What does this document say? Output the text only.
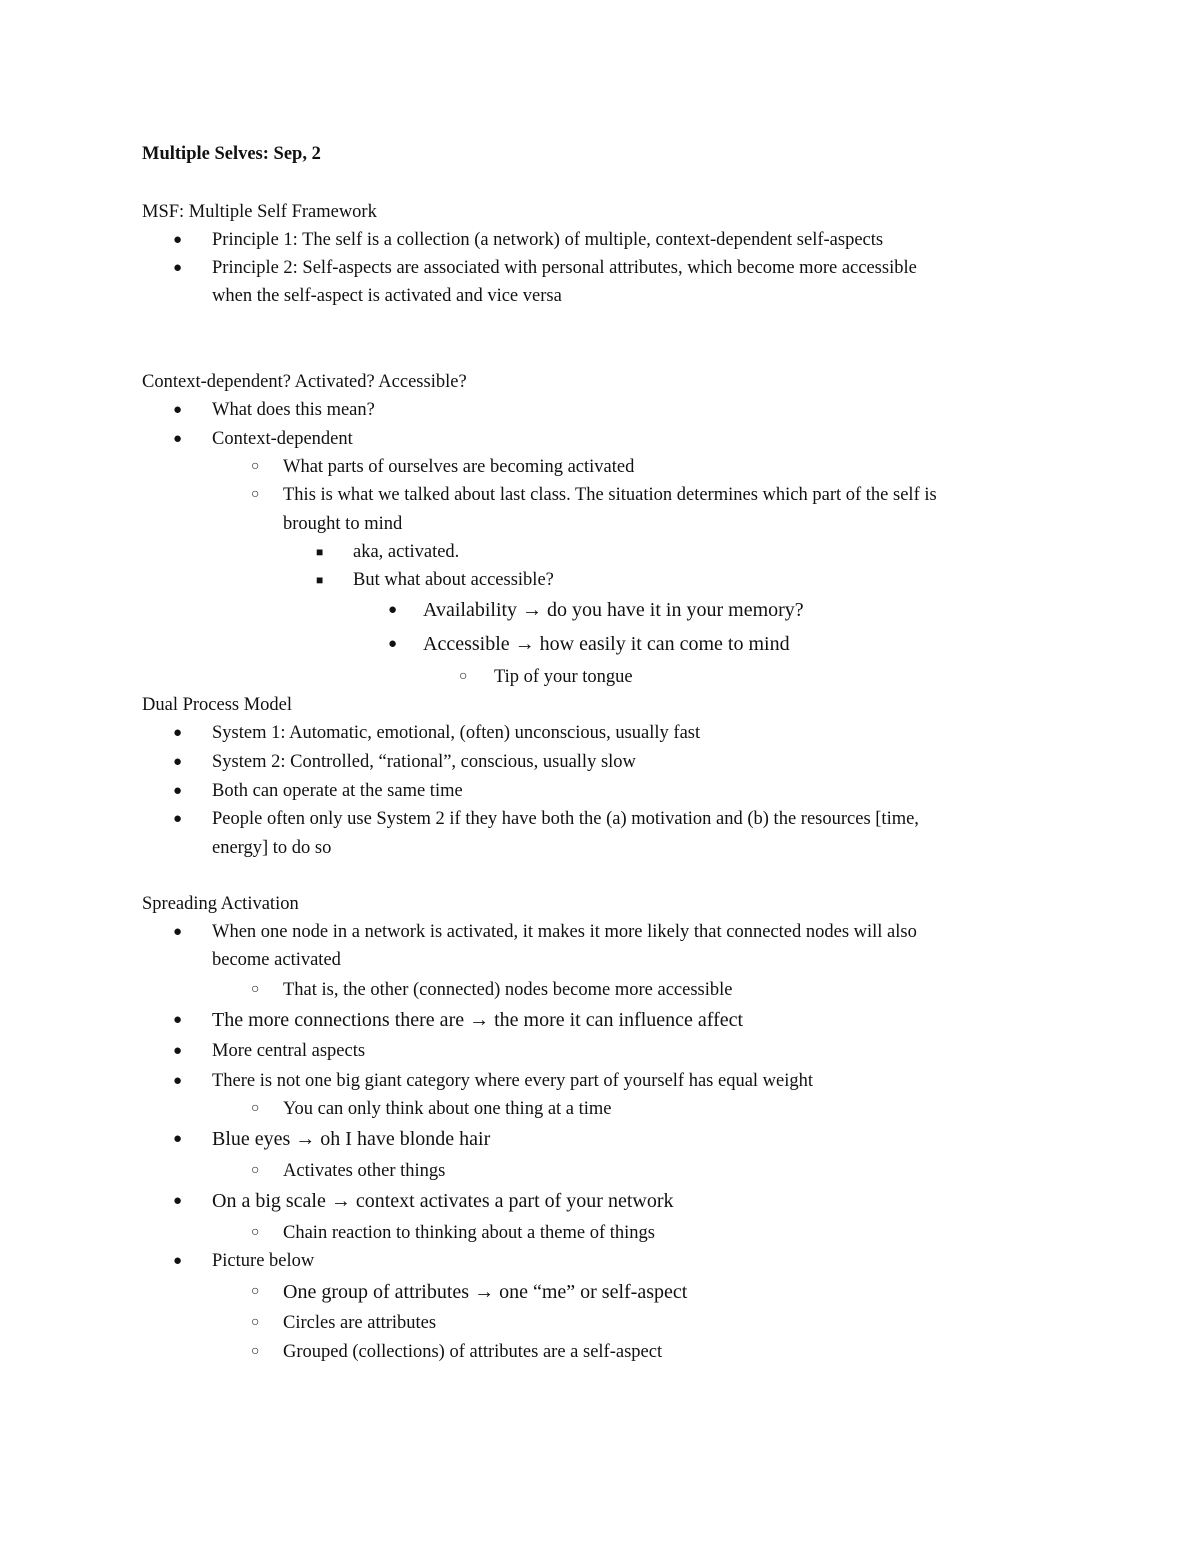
Multiple Selves: Sep, 2
MSF: Multiple Self Framework
● Principle 1: The self is a collection (a network) of multiple, context-dependent self-aspects
● Principle 2: Self-aspects are associated with personal attributes, which become more accessible
when the self-aspect is activated and vice versa
Context-dependent? Activated? Accessible?
● What does this mean?
● Context-dependent
○ What parts of ourselves are becoming activated
○ This is what we talked about last class. The situation determines which part of the self is
brought to mind
■ aka, activated.
■ But what about accessible?
● Availability → do you have it in your memory?
● Accessible → how easily it can come to mind
○ Tip of your tongue
Dual Process Model
● System 1: Automatic, emotional, (often) unconscious, usually fast
● System 2: Controlled, “rational”, conscious, usually slow
● Both can operate at the same time
● People often only use System 2 if they have both the (a) motivation and (b) the resources [time,
energy] to do so
Spreading Activation
● When one node in a network is activated, it makes it more likely that connected nodes will also
become activated
○ That is, the other (connected) nodes become more accessible
● The more connections there are → the more it can influence affect
● More central aspects
● There is not one big giant category where every part of yourself has equal weight
○ You can only think about one thing at a time
● Blue eyes → oh I have blonde hair
○ Activates other things
● On a big scale → context activates a part of your network
○ Chain reaction to thinking about a theme of things
● Picture below
○ One group of attributes → one “me” or self-aspect
○ Circles are attributes
○ Grouped (collections) of attributes are a self-aspect
